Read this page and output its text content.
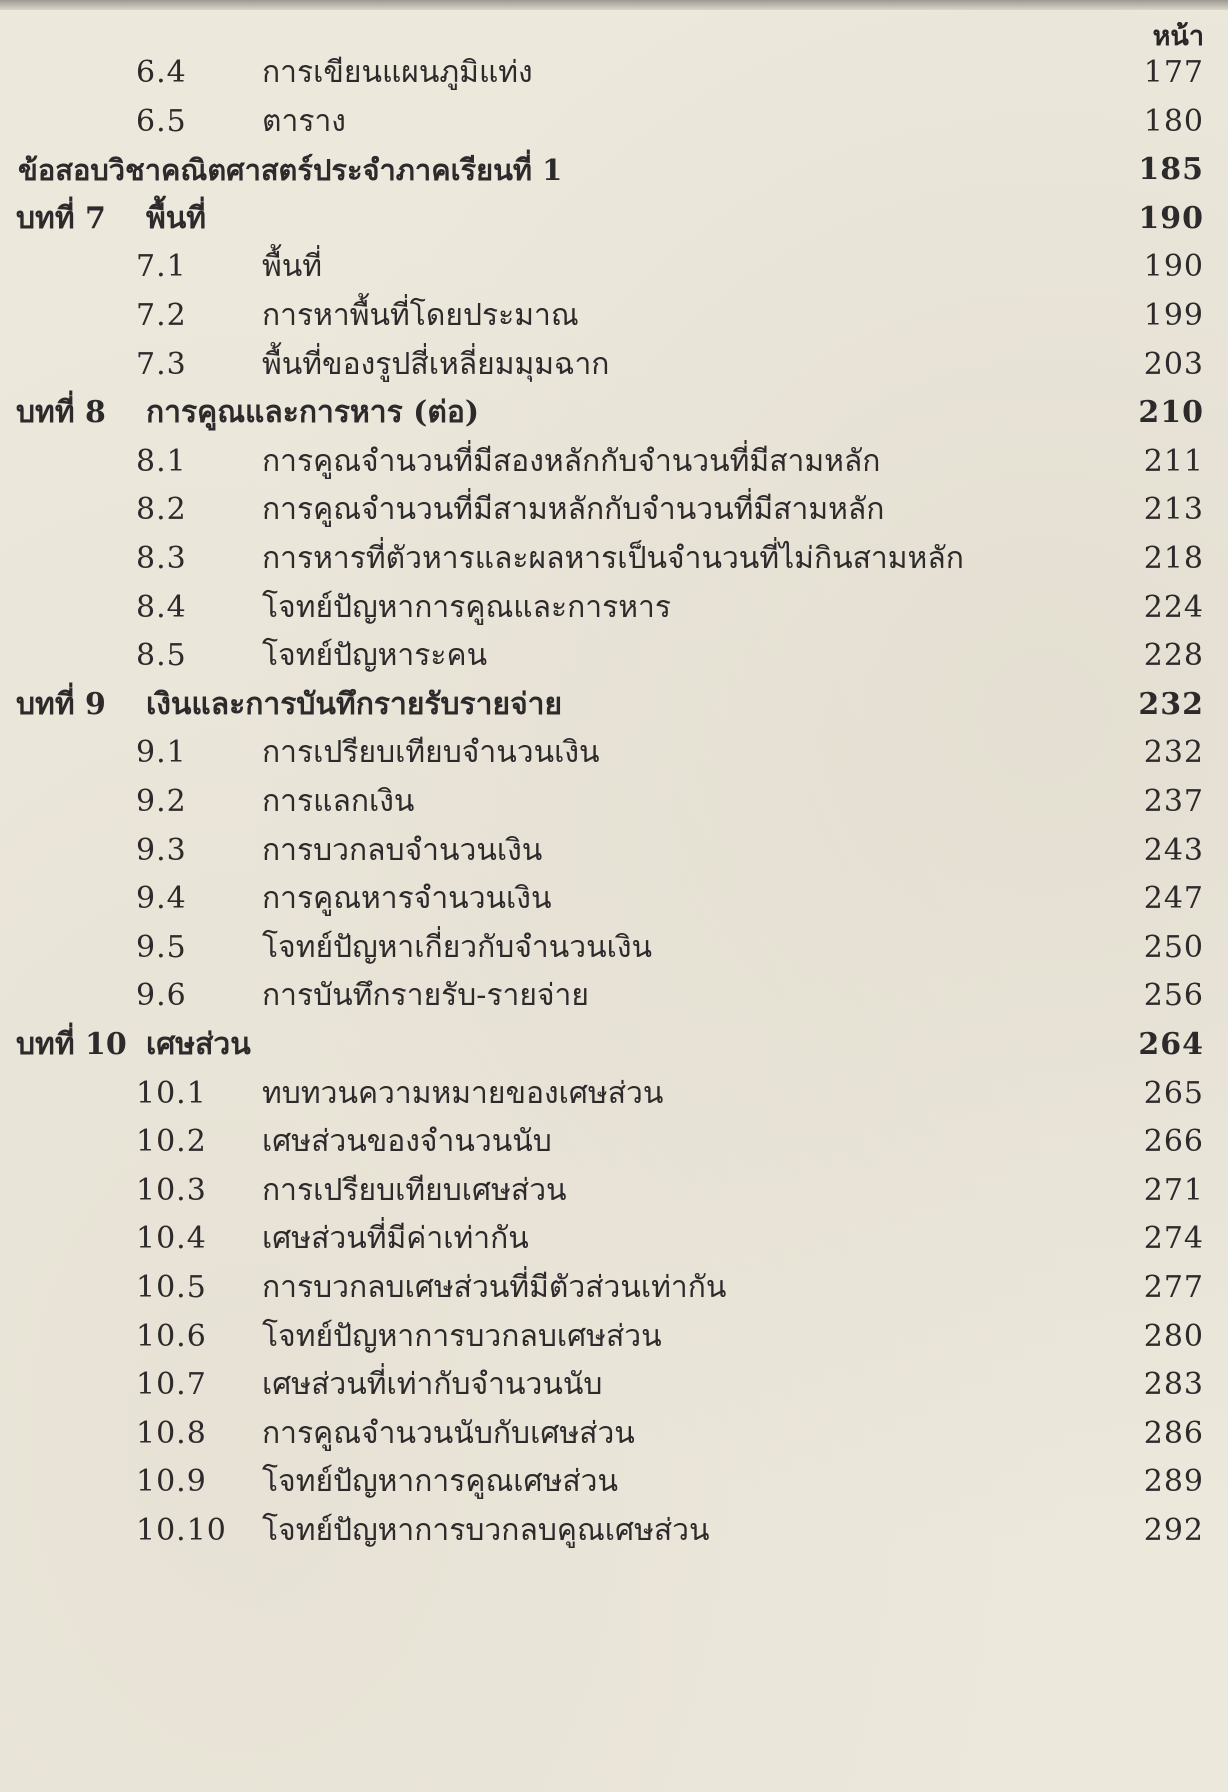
หน้า
6.4	การเขียนแผนภูมิแท่ง	177
6.5	ตาราง	180
ข้อสอบวิชาคณิตศาสตร์ประจำภาคเรียนที่ 1	185
บทที่ 7 พื้นที่	190
7.1	พื้นที่	190
7.2	การหาพื้นที่โดยประมาณ	199
7.3	พื้นที่ของรูปสี่เหลี่ยมมุมฉาก	203
บทที่ 8 การคูณและการหาร (ต่อ)	210
8.1	การคูณจำนวนที่มีสองหลักกับจำนวนที่มีสามหลัก	211
8.2	การคูณจำนวนที่มีสามหลักกับจำนวนที่มีสามหลัก	213
8.3	การหารที่ตัวหารและผลหารเป็นจำนวนที่ไม่กินสามหลัก	218
8.4	โจทย์ปัญหาการคูณและการหาร	224
8.5	โจทย์ปัญหาระคน	228
บทที่ 9 เงินและการบันทึกรายรับรายจ่าย	232
9.1	การเปรียบเทียบจำนวนเงิน	232
9.2	การแลกเงิน	237
9.3	การบวกลบจำนวนเงิน	243
9.4	การคูณหารจำนวนเงิน	247
9.5	โจทย์ปัญหาเกี่ยวกับจำนวนเงิน	250
9.6	การบันทึกรายรับ-รายจ่าย	256
บทที่ 10 เศษส่วน	264
10.1	ทบทวนความหมายของเศษส่วน	265
10.2	เศษส่วนของจำนวนนับ	266
10.3	การเปรียบเทียบเศษส่วน	271
10.4	เศษส่วนที่มีค่าเท่ากัน	274
10.5	การบวกลบเศษส่วนที่มีตัวส่วนเท่ากัน	277
10.6	โจทย์ปัญหาการบวกลบเศษส่วน	280
10.7	เศษส่วนที่เท่ากับจำนวนนับ	283
10.8	การคูณจำนวนนับกับเศษส่วน	286
10.9	โจทย์ปัญหาการคูณเศษส่วน	289
10.10	โจทย์ปัญหาการบวกลบคูณเศษส่วน	292
